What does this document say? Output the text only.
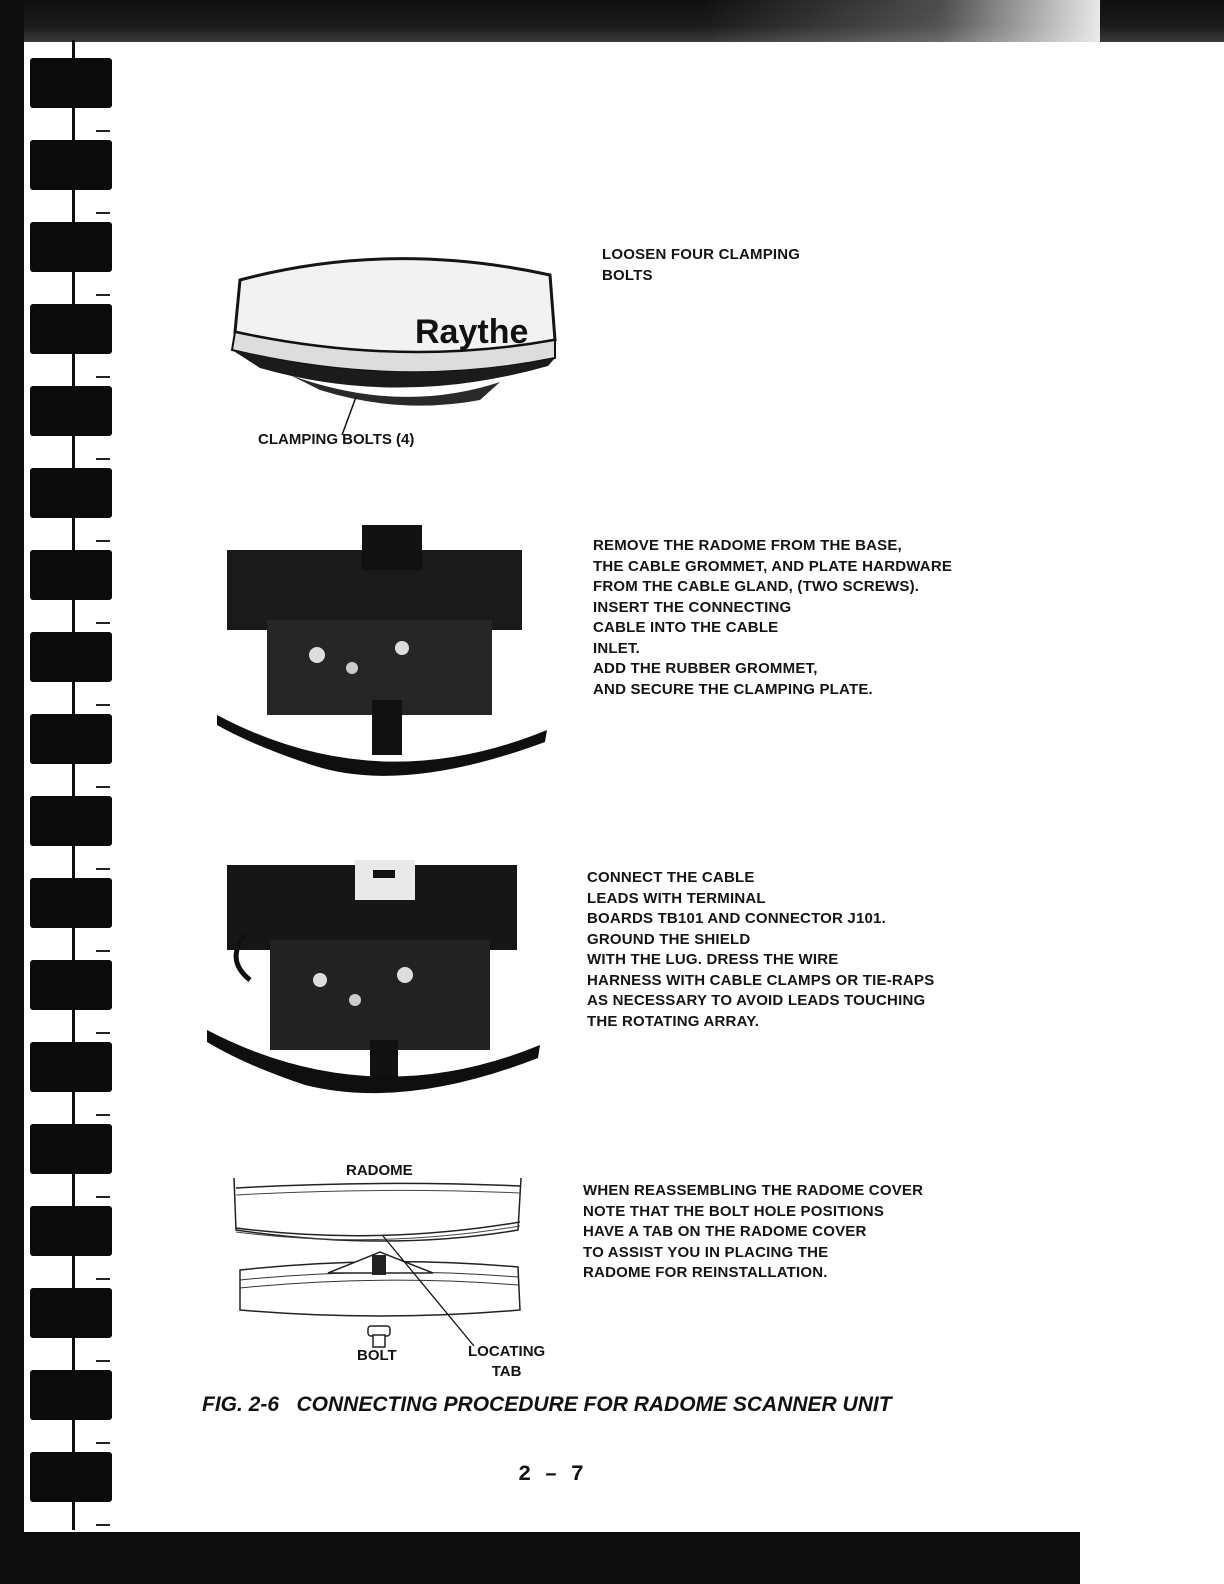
Raythe
CLAMPING BOLTS (4)
LOOSEN FOUR CLAMPING
BOLTS
REMOVE THE RADOME FROM THE BASE,
THE CABLE GROMMET, AND PLATE HARDWARE
FROM THE CABLE GLAND, (TWO SCREWS).
INSERT THE CONNECTING
CABLE INTO THE CABLE
INLET.
ADD THE RUBBER GROMMET,
AND SECURE THE CLAMPING PLATE.
CONNECT THE CABLE
LEADS WITH TERMINAL
BOARDS TB101 AND CONNECTOR J101.
GROUND THE SHIELD
WITH THE LUG. DRESS THE WIRE
HARNESS WITH CABLE CLAMPS OR TIE-RAPS
AS NECESSARY TO AVOID LEADS TOUCHING
THE ROTATING ARRAY.
RADOME
BOLT	LOCATING
TAB
WHEN REASSEMBLING THE RADOME COVER
NOTE THAT THE BOLT HOLE POSITIONS
HAVE A TAB ON THE RADOME COVER
TO ASSIST YOU IN PLACING THE
RADOME FOR REINSTALLATION.
FIG. 2-6   CONNECTING PROCEDURE FOR RADOME SCANNER UNIT
2 – 7
